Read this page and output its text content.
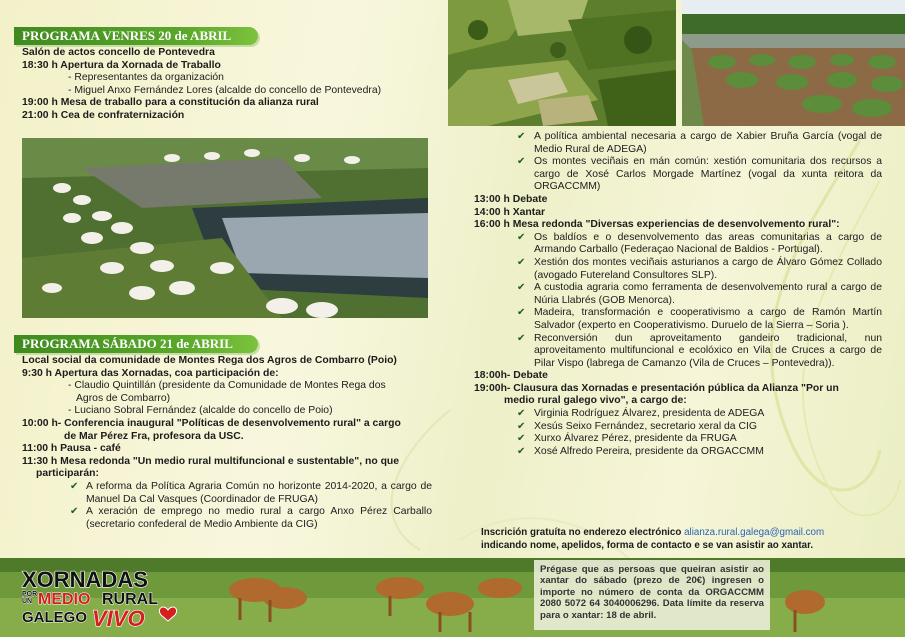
PROGRAMA VENRES 20 de ABRIL
Salón de actos concello de Pontevedra
18:30 h Apertura da Xornada de Traballo
- Representantes da organización
- Miguel Anxo Fernández Lores (alcalde do concello de Pontevedra)
19:00 h Mesa de traballo para a constitución da alianza rural
21:00 h Cea de confraternización
PROGRAMA SÁBADO 21 de ABRIL
Local social da comunidade de Montes Rega dos Agros de Combarro (Poio)
9:30 h Apertura das Xornadas, coa participación de:
- Claudio Quintillán (presidente da Comunidade de Montes Rega dos
Agros de Combarro)
- Luciano Sobral Fernández (alcalde do concello de Poio)
10:00 h- Conferencia inaugural "Políticas de desenvolvemento rural" a cargo
de Mar Pérez Fra, profesora da USC.
11:00 h Pausa - café
11:30 h Mesa redonda "Un medio rural multifuncional e sustentable", no que
participarán:
✔ A reforma da Política Agraria Común no horizonte 2014-2020, a cargo de Manuel Da Cal Vasques (Coordinador de FRUGA)
✔ A xeración de emprego no medio rural a cargo Anxo Pérez Carballo (secretario confederal de Medio Ambiente da CIG)
✔ A política ambiental necesaria a cargo de Xabier Bruña García (vogal de Medio Rural de ADEGA)
✔ Os montes veciñais en mán común: xestión comunitaria dos recursos a cargo de Xosé Carlos Morgade Martínez (vogal da xunta reitora da ORGACCMM)
13:00 h Debate
14:00 h Xantar
16:00 h Mesa redonda "Diversas experiencias de desenvolvemento rural":
✔ Os baldíos e o desenvolvemento das areas comunitarias a cargo de Armando Carballo (Federaçao Nacional de Baldios - Portugal).
✔ Xestión dos montes veciñais asturianos a cargo de Álvaro Gómez Collado (avogado Futereland Consultores SLP).
✔ A custodia agraria como ferramenta de desenvolvemento rural a cargo de Núria Llabrés (GOB Menorca).
✔ Madeira, transformación e cooperativismo a cargo de Ramón Martín Salvador (experto en Cooperativismo. Duruelo de la Sierra – Soria ).
✔ Reconversión dun aproveitamento gandeiro tradicional, nun aproveitamento multifuncional e ecolóxico en Vila de Cruces a cargo de Pilar Vispo (labrega de Camanzo (Vila de Cruces – Pontevedra)).
18:00h- Debate
19:00h- Clausura das Xornadas e presentación pública da Alianza "Por un
medio rural galego vivo", a cargo de:
✔ Virginia Rodríguez Álvarez, presidenta de ADEGA
✔ Xesús Seixo Fernández, secretario xeral da CIG
✔ Xurxo Álvarez Pérez, presidente da FRUGA
✔ Xosé Alfredo Pereira, presidente da ORGACCMM
Inscrición gratuíta no enderezo electrónico alianza.rural.galega@gmail.com
indicando nome, apelidos, forma de contacto e se van asistir ao xantar.
Prégase que as persoas que queiran asistir ao xantar do sábado (prezo de 20€) ingresen o importe no número de conta da ORGACCMM 2080 5072 64 3040006296. Data límite da reserva para o xantar: 18 de abril.
XORNADAS
POR
UN MEDIO RURAL
GALEGO VIVO
